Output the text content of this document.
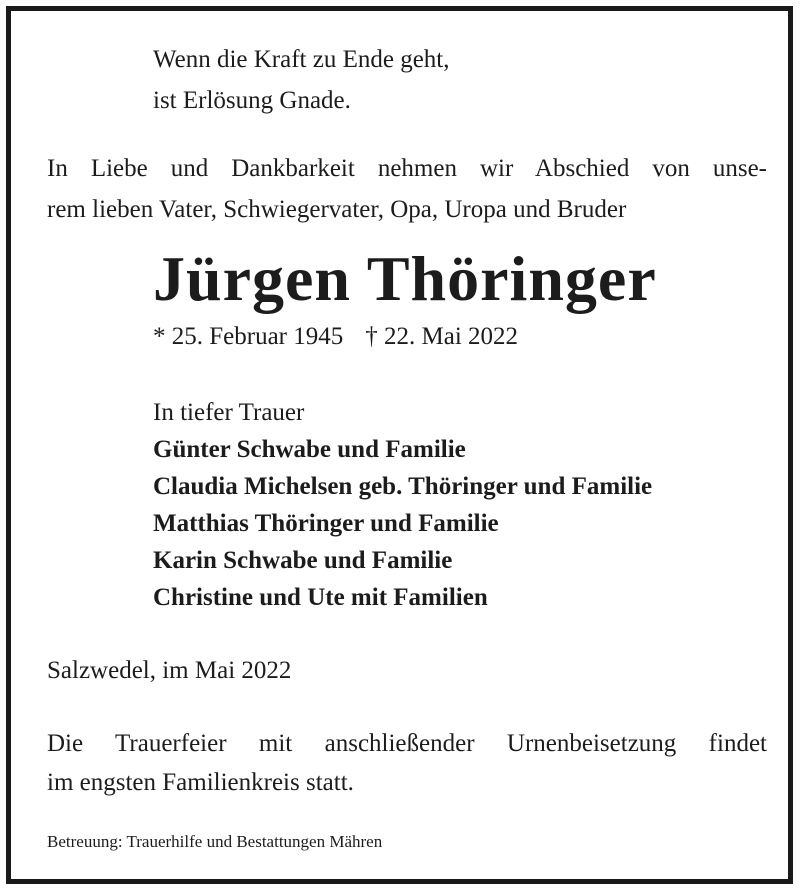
Wenn die Kraft zu Ende geht,
ist Erlösung Gnade.
In Liebe und Dankbarkeit nehmen wir Abschied von unse-
rem lieben Vater, Schwiegervater, Opa, Uropa und Bruder
Jürgen Thöringer
* 25. Februar 1945 † 22. Mai 2022
In tiefer Trauer
Günter Schwabe und Familie
Claudia Michelsen geb. Thöringer und Familie
Matthias Thöringer und Familie
Karin Schwabe und Familie
Christine und Ute mit Familien
Salzwedel, im Mai 2022
Die Trauerfeier mit anschließender Urnenbeisetzung findet
im engsten Familienkreis statt.
Betreuung: Trauerhilfe und Bestattungen Mähren
